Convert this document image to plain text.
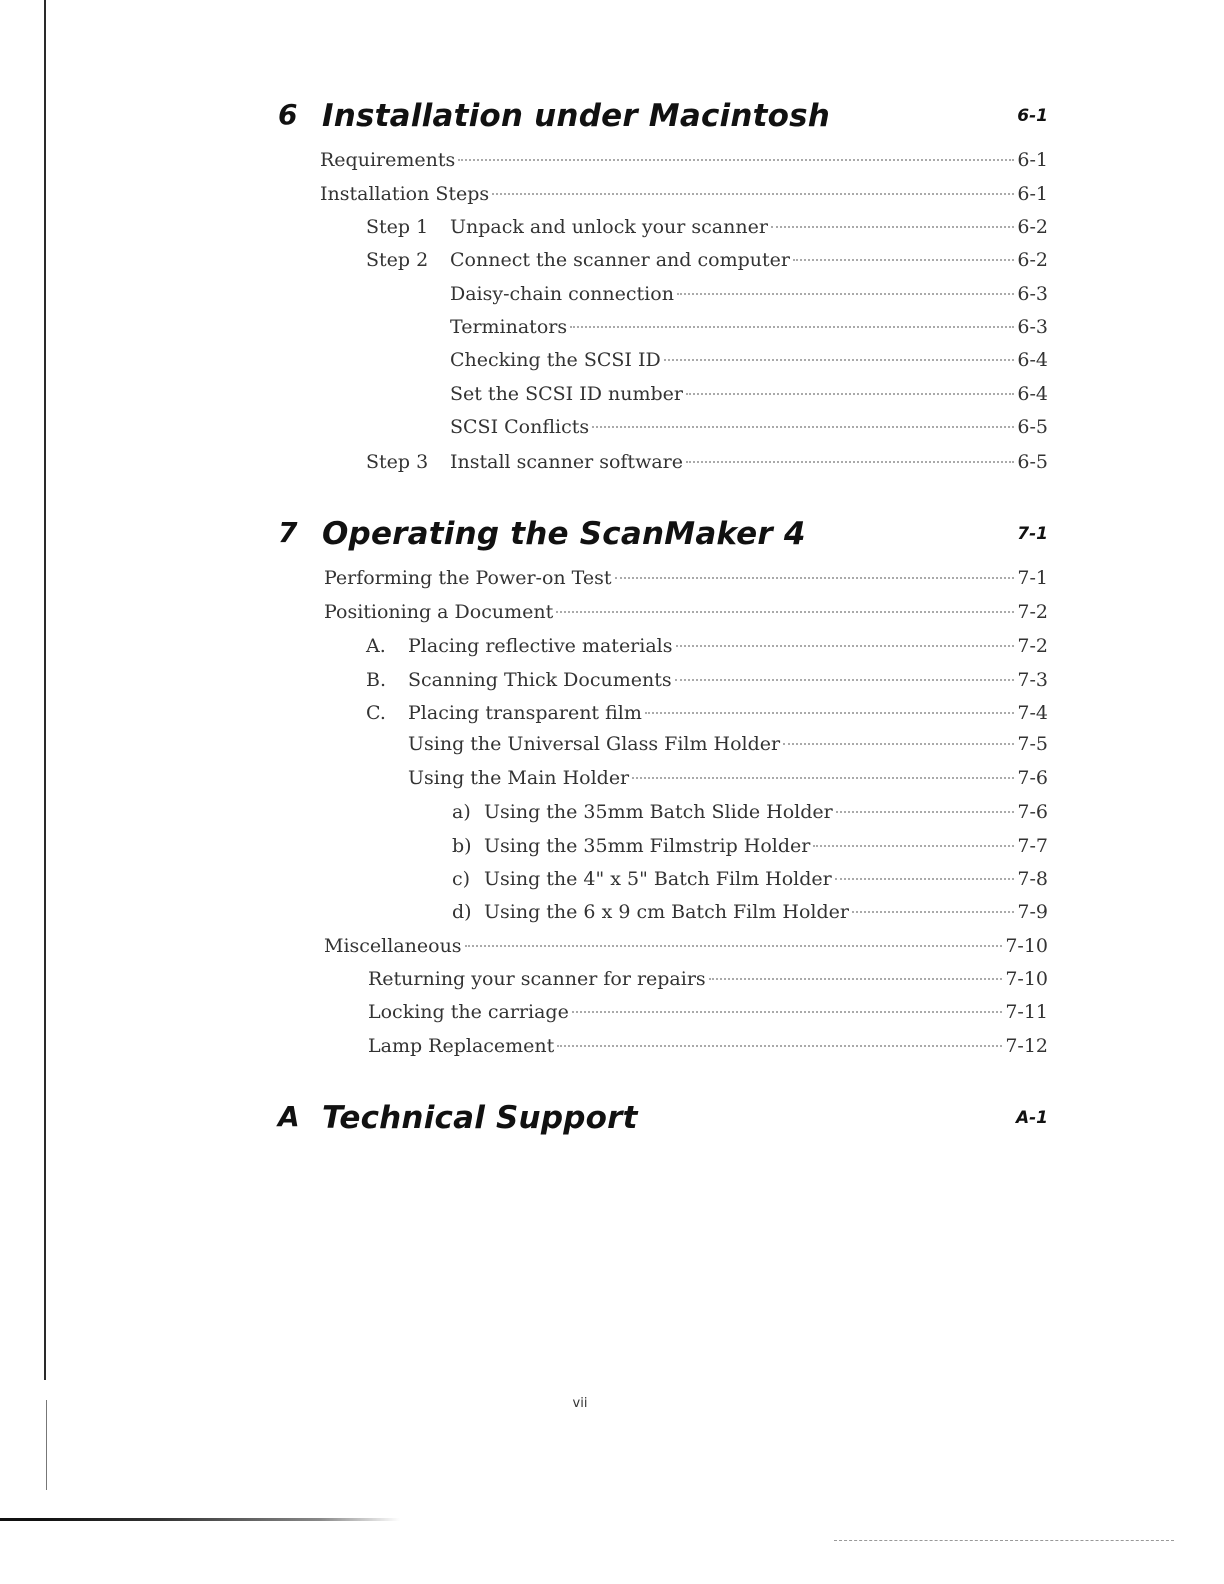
6 Installation under Macintosh	6-1
Requirements	6-1
Installation Steps	6-1
Step 1	Unpack and unlock your scanner	6-2
Step 2	Connect the scanner and computer	6-2
Daisy-chain connection	6-3
Terminators	6-3
Checking the SCSI ID	6-4
Set the SCSI ID number	6-4
SCSI Conflicts	6-5
Step 3	Install scanner software	6-5
7 Operating the ScanMaker 4	7-1
Performing the Power-on Test	7-1
Positioning a Document	7-2
A.	Placing reflective materials	7-2
B.	Scanning Thick Documents	7-3
C.	Placing transparent film	7-4
Using the Universal Glass Film Holder	7-5
Using the Main Holder	7-6
a) Using the 35mm Batch Slide Holder	7-6
b) Using the 35mm Filmstrip Holder	7-7
c) Using the 4" x 5" Batch Film Holder	7-8
d) Using the 6 x 9 cm Batch Film Holder	7-9
Miscellaneous	7-10
Returning your scanner for repairs	7-10
Locking the carriage	7-11
Lamp Replacement	7-12
A Technical Support	A-1
vii
